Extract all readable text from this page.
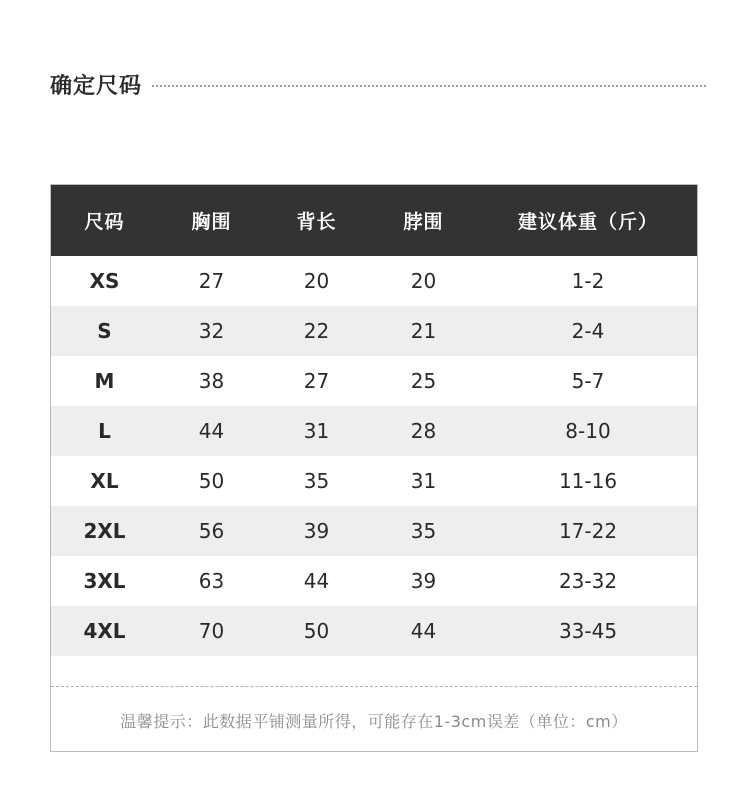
确定尺码
尺码	胸围	背长	脖围	建议体重（斤）
XS	27	20	20	1-2
S	32	22	21	2-4
M	38	27	25	5-7
L	44	31	28	8-10
XL	50	35	31	11-16
2XL	56	39	35	17-22
3XL	63	44	39	23-32
4XL	70	50	44	33-45
温馨提示：此数据平铺测量所得，可能存在1-3cm误差（单位：cm）
